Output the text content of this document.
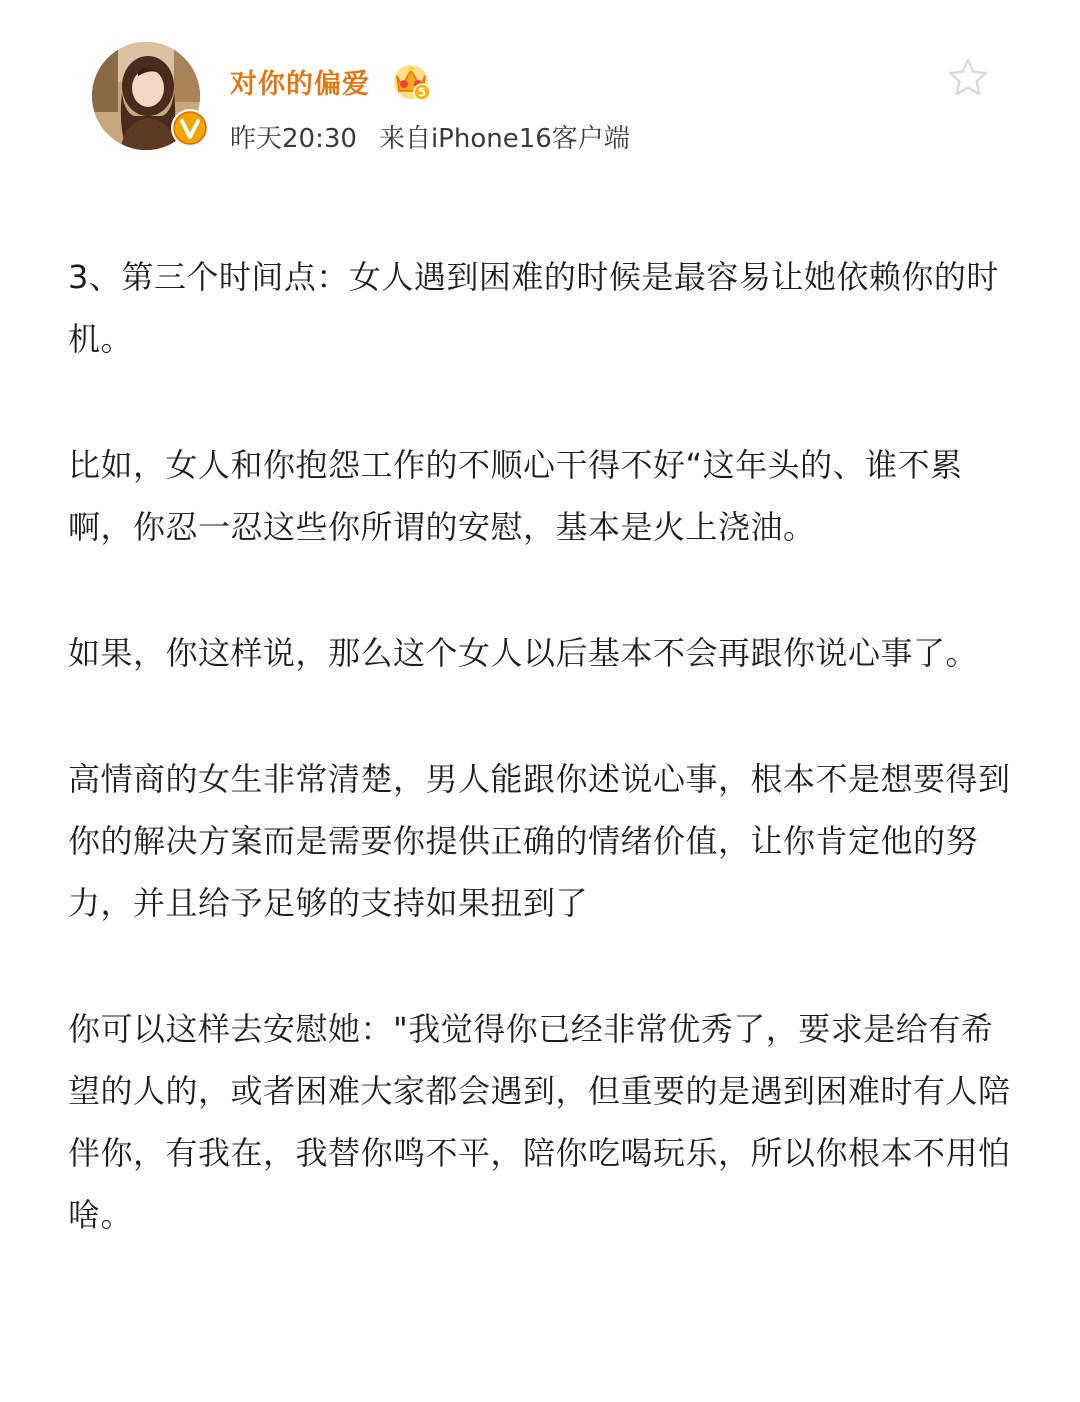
对你的偏爱	5
昨天20:30 来自iPhone16客户端

3、第三个时间点：女人遇到困难的时候是最容易让她依赖你的时机。

比如，女人和你抱怨工作的不顺心干得不好“这年头的、谁不累啊，你忍一忍这些你所谓的安慰，基本是火上浇油。

如果，你这样说，那么这个女人以后基本不会再跟你说心事了。

高情商的女生非常清楚，男人能跟你述说心事，根本不是想要得到你的解决方案而是需要你提供正确的情绪价值，让你肯定他的努力，并且给予足够的支持如果扭到了

你可以这样去安慰她："我觉得你已经非常优秀了，要求是给有希望的人的，或者困难大家都会遇到，但重要的是遇到困难时有人陪伴你，有我在，我替你鸣不平，陪你吃喝玩乐，所以你根本不用怕啥。
